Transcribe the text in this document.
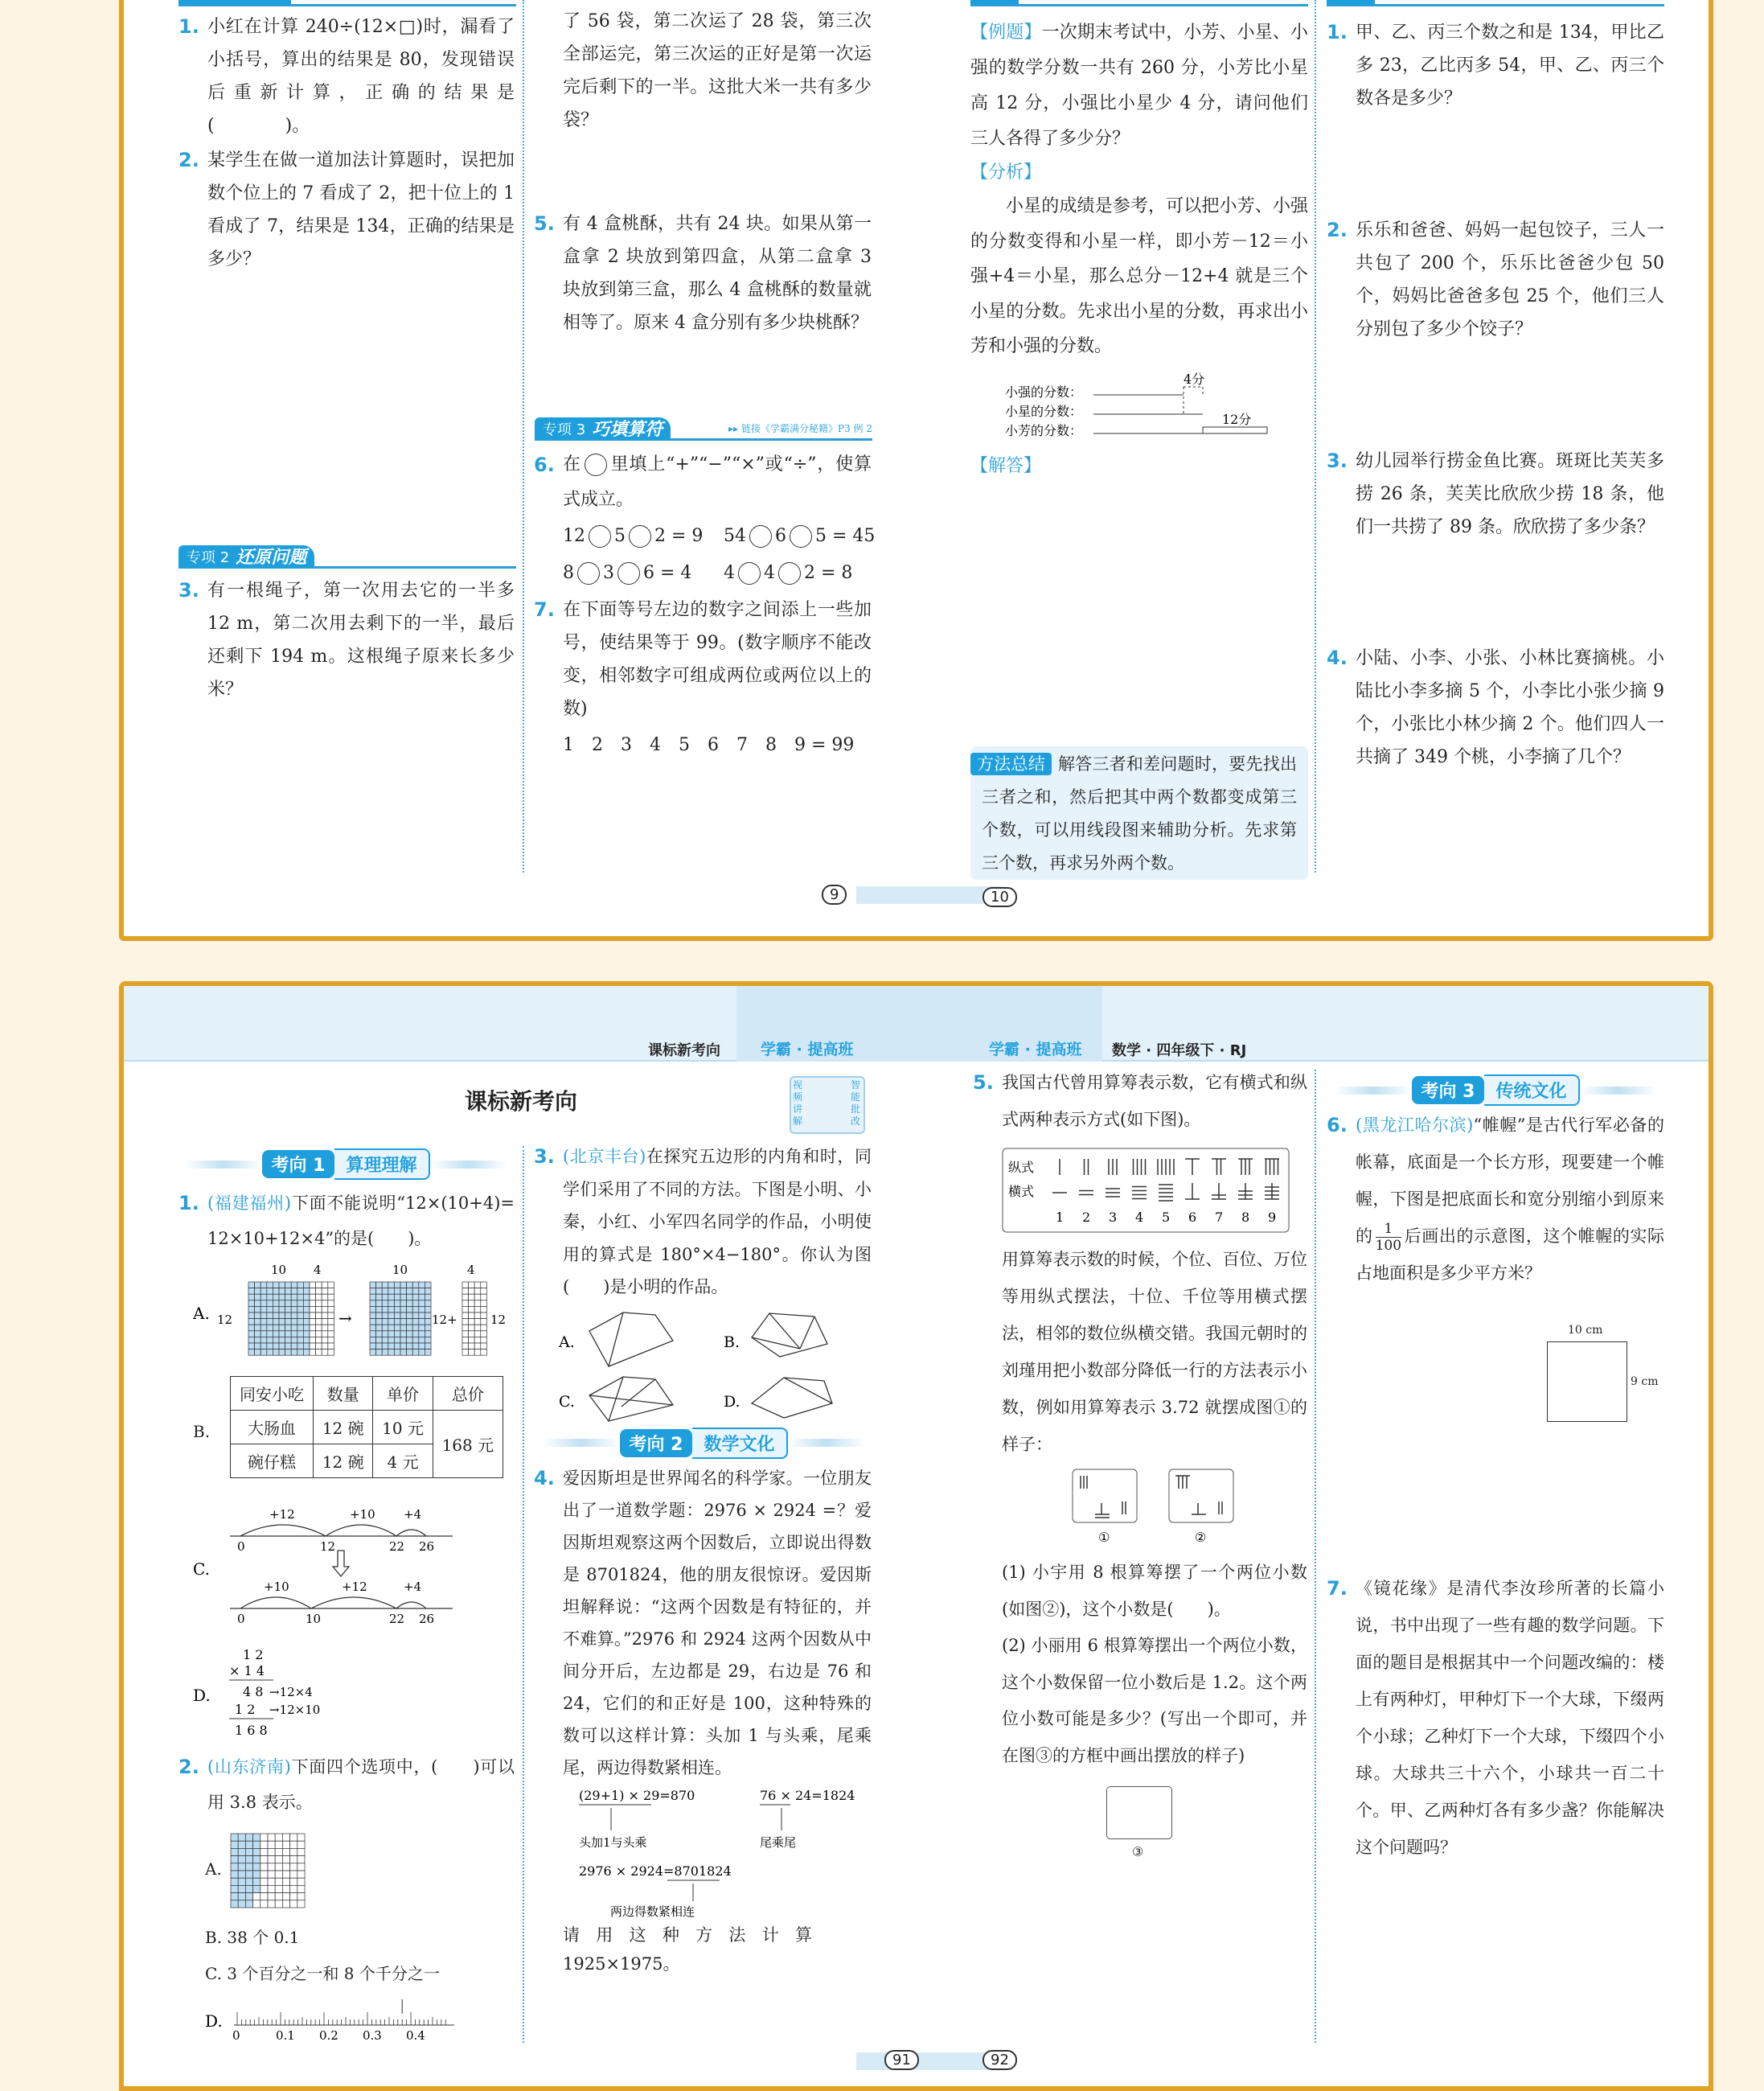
1. 小红在计算 240÷(12×□)时，漏看了小括号，算出的结果是 80，发现错误后重新计算，正确的结果是(　　　　)。
2. 某学生在做一道加法计算题时，误把加数个位上的 7 看成了 2，把十位上的 1 看成了 7，结果是 134，正确的结果是多少？
专项 2 还原问题
3. 有一根绳子，第一次用去它的一半多 12 m，第二次用去剩下的一半，最后还剩下 194 m。这根绳子原来长多少米？
了 56 袋，第二次运了 28 袋，第三次全部运完，第三次运的正好是第一次运完后剩下的一半。这批大米一共有多少袋？
5. 有 4 盒桃酥，共有 24 块。如果从第一盒拿 2 块放到第四盒，从第二盒拿 3 块放到第三盒，那么 4 盒桃酥的数量就相等了。原来 4 盒分别有多少块桃酥？
专项 3 巧填算符	▸▸ 链接《学霸满分秘籍》P3 例 2
6. 在 里填上“+”“−”“×”或“÷”，使算式成立。
12 5 2 = 9	54 6 5 = 45
8 3 6 = 4	4 4 2 = 8
7. 在下面等号左边的数字之间添上一些加号，使结果等于 99。(数字顺序不能改变，相邻数字可组成两位或两位以上的数)
1　2　3　4　5　6　7　8　9 = 99
【例题】一次期末考试中，小芳、小星、小强的数学分数一共有 260 分，小芳比小星高 12 分，小强比小星少 4 分，请问他们三人各得了多少分？
【分析】
小星的成绩是参考，可以把小芳、小强的分数变得和小星一样，即小芳－12＝小强+4＝小星，那么总分－12+4 就是三个小星的分数。先求出小星的分数，再求出小芳和小强的分数。
小强的分数：
小星的分数：
小芳的分数：
4分
12分
【解答】
方法总结 解答三者和差问题时，要先找出三者之和，然后把其中两个数都变成第三个数，可以用线段图来辅助分析。先求第三个数，再求另外两个数。
1. 甲、乙、丙三个数之和是 134，甲比乙多 23，乙比丙多 54，甲、乙、丙三个数各是多少？
2. 乐乐和爸爸、妈妈一起包饺子，三人一共包了 200 个，乐乐比爸爸少包 50 个，妈妈比爸爸多包 25 个，他们三人分别包了多少个饺子？
3. 幼儿园举行捞金鱼比赛。斑斑比芙芙多捞 26 条，芙芙比欣欣少捞 18 条，他们一共捞了 89 条。欣欣捞了多少条？
4. 小陆、小李、小张、小林比赛摘桃。小陆比小李多摘 5 个，小李比小张少摘 9 个，小张比小林少摘 2 个。他们四人一共摘了 349 个桃，小李摘了几个？
9	10
课标新考向	学霸 · 提高班	学霸 · 提高班 数学 · 四年级下 · RJ
课标新考向
视频讲解
智能批改
考向 1	算理理解
1. (福建福州)下面不能说明“12×(10+4)= 12×10+12×4”的是(　　)。
A. 12
10 4
→
10
12+
4
12
B.
同安小吃	数量	单价	总价
大肠血	12 碗	10 元	168 元
碗仔糕	12 碗	4 元	
C.
+12	+10 +4
0	12	22 26
+10	+12	+4
0	10	22 26
D.
1 2
× 1 4
4 8 →12×4
1 2 →12×10
1 6 8
2. (山东济南)下面四个选项中，(　　)可以用 3.8 表示。
A.
B. 38 个 0.1
C. 3 个百分之一和 8 个千分之一
D.
0	0.1 0.2 0.3 0.4
3. (北京丰台)在探究五边形的内角和时，同学们采用了不同的方法。下图是小明、小秦，小红、小军四名同学的作品，小明使用的算式是 180°×4−180°。你认为图(　　)是小明的作品。
A.	B.
C.	D.
考向 2	数学文化
4. 爱因斯坦是世界闻名的科学家。一位朋友出了一道数学题：2976 × 2924 =？爱因斯坦观察这两个因数后，立即说出得数是 8701824，他的朋友很惊讶。爱因斯坦解释说：“这两个因数是有特征的，并不难算。”2976 和 2924 这两个因数从中间分开后，左边都是 29，右边是 76 和 24，它们的和正好是 100，这种特殊的数可以这样计算：头加 1 与头乘，尾乘尾，两边得数紧相连。
(29+1) × 29=870	76 × 24=1824
头加1与头乘	尾乘尾
2976 × 2924=8701824
两边得数紧相连
请用这种方法计算 1925×1975。
5. 我国古代曾用算筹表示数，它有横式和纵式两种表示方式(如下图)。
纵式
横式
1 2 3 4 5 6 7 8 9
用算筹表示数的时候，个位、百位、万位等用纵式摆法，十位、千位等用横式摆法，相邻的数位纵横交错。我国元朝时的刘瑾用把小数部分降低一行的方法表示小数，例如用算筹表示 3.72 就摆成图①的样子：
①	②
(1) 小宇用 8 根算筹摆了一个两位小数(如图②)，这个小数是(　　)。
(2) 小丽用 6 根算筹摆出一个两位小数，这个小数保留一位小数后是 1.2。这个两位小数可能是多少？(写出一个即可，并在图③的方框中画出摆放的样子)
③
考向 3	传统文化
6. (黑龙江哈尔滨)“帷幄”是古代行军必备的帐幕，底面是一个长方形，现要建一个帷幄，下图是把底面长和宽分别缩小到原来的 $\frac{1}{100}$ 后画出的示意图，这个帷幄的实际占地面积是多少平方米？
10 cm
9 cm
7. 《镜花缘》是清代李汝珍所著的长篇小说，书中出现了一些有趣的数学问题。下面的题目是根据其中一个问题改编的：楼上有两种灯，甲种灯下一个大球，下缀两个小球；乙种灯下一个大球，下缀四个小球。大球共三十六个，小球共一百二十个。甲、乙两种灯各有多少盏？你能解决这个问题吗？
91	92
